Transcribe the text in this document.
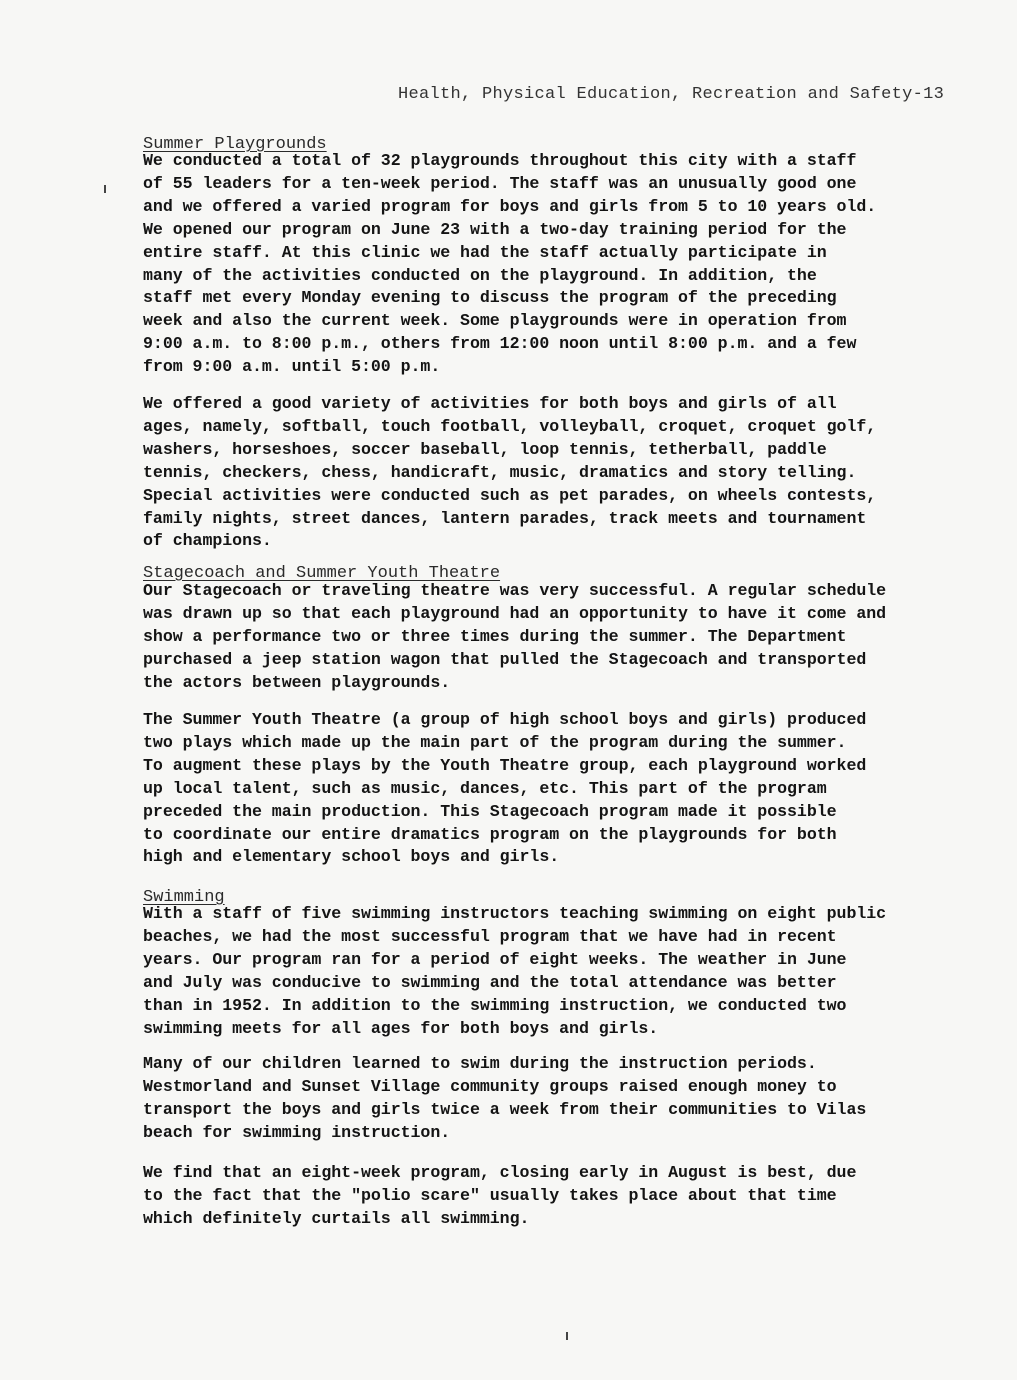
Health, Physical Education, Recreation and Safety-13
Summer Playgrounds

We conducted a total of 32 playgrounds throughout this city with a staff
of 55 leaders for a ten-week period. The staff was an unusually good one
and we offered a varied program for boys and girls from 5 to 10 years old.
We opened our program on June 23 with a two-day training period for the
entire staff. At this clinic we had the staff actually participate in
many of the activities conducted on the playground. In addition, the
staff met every Monday evening to discuss the program of the preceding
week and also the current week. Some playgrounds were in operation from
9:00 a.m. to 8:00 p.m., others from 12:00 noon until 8:00 p.m. and a few
from 9:00 a.m. until 5:00 p.m.

We offered a good variety of activities for both boys and girls of all
ages, namely, softball, touch football, volleyball, croquet, croquet golf,
washers, horseshoes, soccer baseball, loop tennis, tetherball, paddle
tennis, checkers, chess, handicraft, music, dramatics and story telling.
Special activities were conducted such as pet parades, on wheels contests,
family nights, street dances, lantern parades, track meets and tournament
of champions.

Stagecoach and Summer Youth Theatre

Our Stagecoach or traveling theatre was very successful. A regular schedule
was drawn up so that each playground had an opportunity to have it come and
show a performance two or three times during the summer. The Department
purchased a jeep station wagon that pulled the Stagecoach and transported
the actors between playgrounds.

The Summer Youth Theatre (a group of high school boys and girls) produced
two plays which made up the main part of the program during the summer.
To augment these plays by the Youth Theatre group, each playground worked
up local talent, such as music, dances, etc. This part of the program
preceded the main production. This Stagecoach program made it possible
to coordinate our entire dramatics program on the playgrounds for both
high and elementary school boys and girls.

Swimming

With a staff of five swimming instructors teaching swimming on eight public
beaches, we had the most successful program that we have had in recent
years. Our program ran for a period of eight weeks. The weather in June
and July was conducive to swimming and the total attendance was better
than in 1952. In addition to the swimming instruction, we conducted two
swimming meets for all ages for both boys and girls.

Many of our children learned to swim during the instruction periods.
Westmorland and Sunset Village community groups raised enough money to
transport the boys and girls twice a week from their communities to Vilas
beach for swimming instruction.

We find that an eight-week program, closing early in August is best, due
to the fact that the "polio scare" usually takes place about that time
which definitely curtails all swimming.
